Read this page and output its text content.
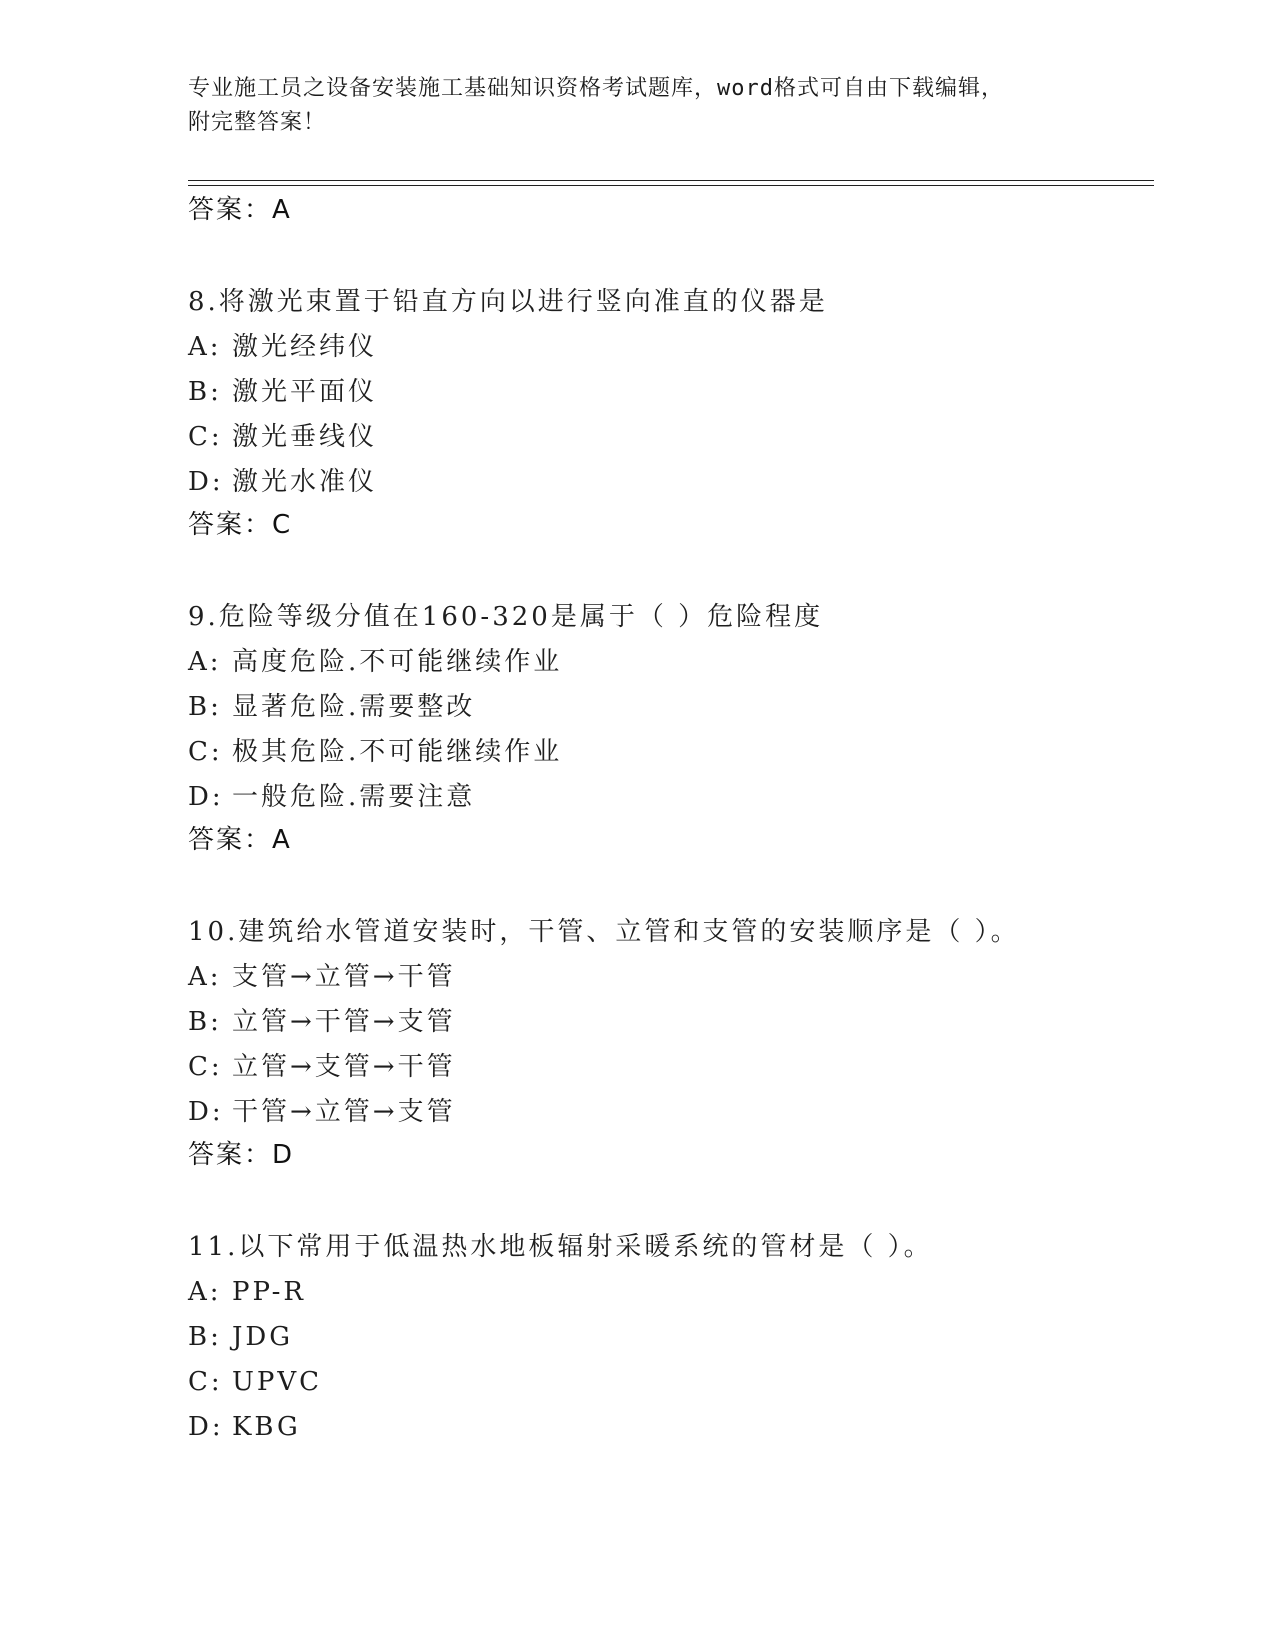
专业施工员之设备安装施工基础知识资格考试题库，word格式可自由下载编辑，
附完整答案！
答案：A
8.将激光束置于铅直方向以进行竖向准直的仪器是
A: 激光经纬仪
B: 激光平面仪
C: 激光垂线仪
D: 激光水准仪
答案：C
9.危险等级分值在160-320是属于（ ）危险程度
A: 高度危险.不可能继续作业
B: 显著危险.需要整改
C: 极其危险.不可能继续作业
D: 一般危险.需要注意
答案：A
10.建筑给水管道安装时，干管、立管和支管的安装顺序是（ ）。
A: 支管→立管→干管
B: 立管→干管→支管
C: 立管→支管→干管
D: 干管→立管→支管
答案：D
11.以下常用于低温热水地板辐射采暖系统的管材是（ ）。
A: PP-R
B: JDG
C: UPVC
D: KBG
